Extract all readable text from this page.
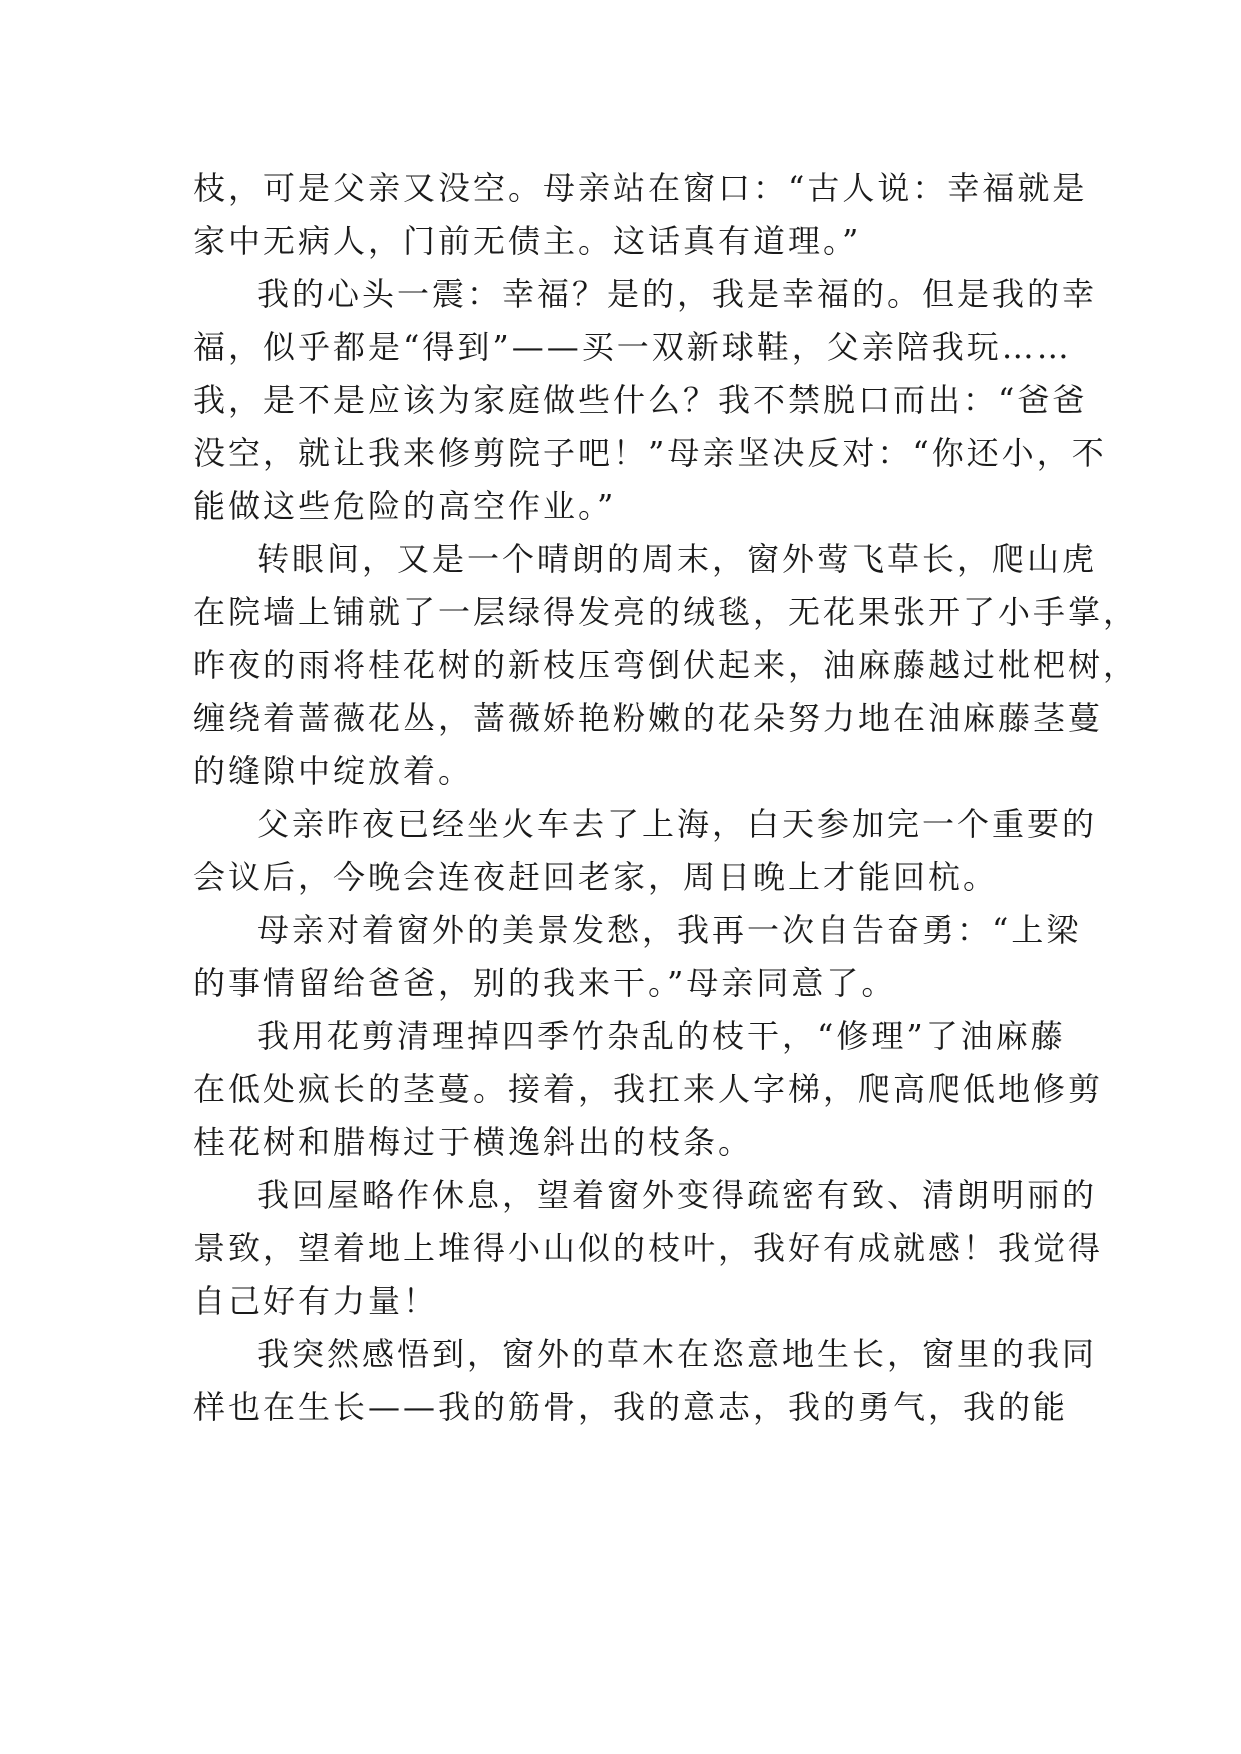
枝，可是父亲又没空。母亲站在窗口：“古人说：幸福就是
家中无病人，门前无债主。这话真有道理。”
我的心头一震：幸福？是的，我是幸福的。但是我的幸
福，似乎都是“得到”——买一双新球鞋，父亲陪我玩……
我，是不是应该为家庭做些什么？我不禁脱口而出：“爸爸
没空，就让我来修剪院子吧！”母亲坚决反对：“你还小，不
能做这些危险的高空作业。”
转眼间，又是一个晴朗的周末，窗外莺飞草长，爬山虎
在院墙上铺就了一层绿得发亮的绒毯，无花果张开了小手掌，
昨夜的雨将桂花树的新枝压弯倒伏起来，油麻藤越过枇杷树，
缠绕着蔷薇花丛，蔷薇娇艳粉嫩的花朵努力地在油麻藤茎蔓
的缝隙中绽放着。
父亲昨夜已经坐火车去了上海，白天参加完一个重要的
会议后，今晚会连夜赶回老家，周日晚上才能回杭。
母亲对着窗外的美景发愁，我再一次自告奋勇：“上梁
的事情留给爸爸，别的我来干。”母亲同意了。
我用花剪清理掉四季竹杂乱的枝干，“修理”了油麻藤
在低处疯长的茎蔓。接着，我扛来人字梯，爬高爬低地修剪
桂花树和腊梅过于横逸斜出的枝条。
我回屋略作休息，望着窗外变得疏密有致、清朗明丽的
景致，望着地上堆得小山似的枝叶，我好有成就感！我觉得
自己好有力量！
我突然感悟到，窗外的草木在恣意地生长，窗里的我同
样也在生长——我的筋骨，我的意志，我的勇气，我的能
